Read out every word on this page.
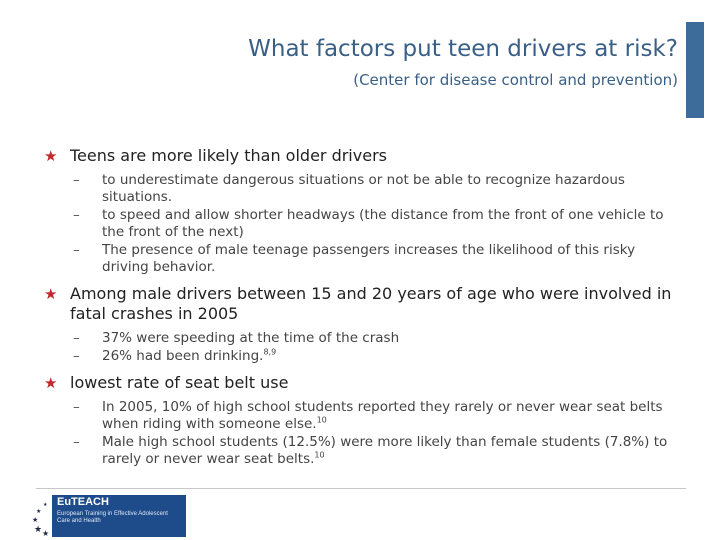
What factors put teen drivers at risk?
(Center for disease control and prevention)
★ Teens are more likely than older drivers
– to underestimate dangerous situations or not be able to recognize hazardous situations.
– to speed and allow shorter headways (the distance from the front of one vehicle to the front of the next)
– The presence of male teenage passengers increases the likelihood of this risky driving behavior.
★ Among male drivers between 15 and 20 years of age who were involved in fatal crashes in 2005
– 37% were speeding at the time of the crash
– 26% had been drinking.$^{8,9}$
★ lowest rate of seat belt use
– In 2005, 10% of high school students reported they rarely or never wear seat belts when riding with someone else.$^{10}$
– Male high school students (12.5%) were more likely than female students (7.8%) to rarely or never wear seat belts.$^{10}$
★ ★
★
★
★ EuTEACH
European Training in Effective Adolescent
Care and Health
